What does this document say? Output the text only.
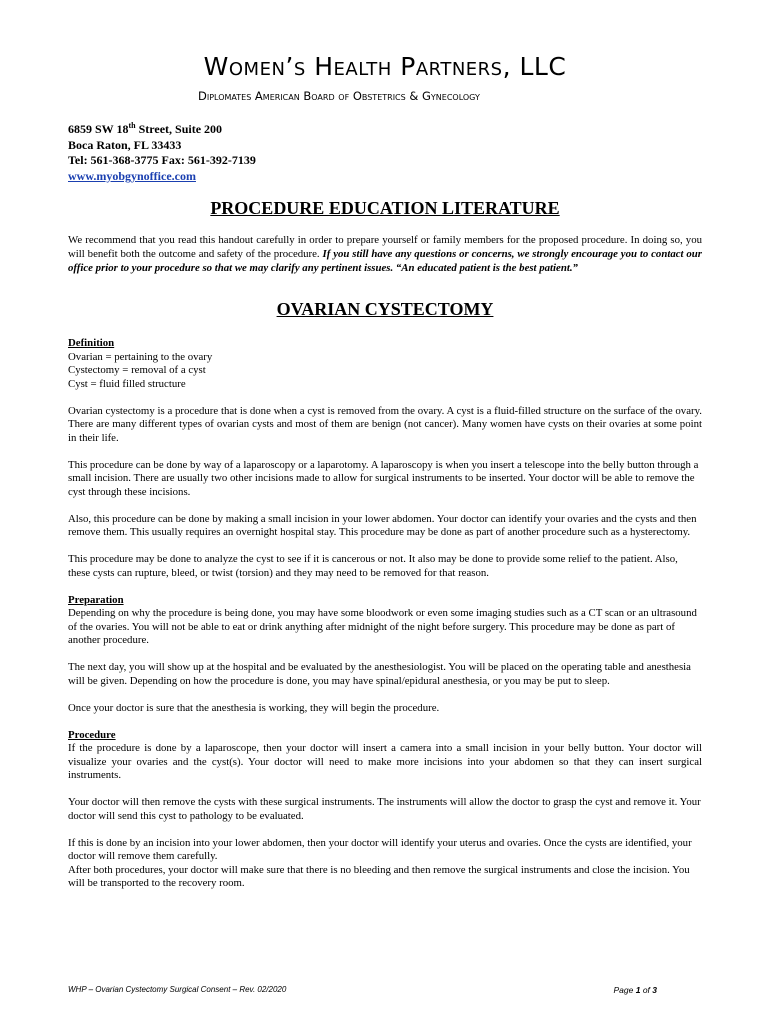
Women’s Health Partners, LLC
Diplomates American Board of Obstetrics & Gynecology
6859 SW 18th Street, Suite 200
Boca Raton, FL 33433
Tel: 561-368-3775 Fax: 561-392-7139
www.myobgynoffice.com
PROCEDURE EDUCATION LITERATURE
We recommend that you read this handout carefully in order to prepare yourself or family members for the proposed procedure. In doing so, you will benefit both the outcome and safety of the procedure. If you still have any questions or concerns, we strongly encourage you to contact our office prior to your procedure so that we may clarify any pertinent issues. “An educated patient is the best patient.”
OVARIAN CYSTECTOMY
Definition
Ovarian = pertaining to the ovary
Cystectomy = removal of a cyst
Cyst = fluid filled structure

Ovarian cystectomy is a procedure that is done when a cyst is removed from the ovary. A cyst is a fluid-filled structure on the surface of the ovary. There are many different types of ovarian cysts and most of them are benign (not cancer). Many women have cysts on their ovaries at some point in their life.

This procedure can be done by way of a laparoscopy or a laparotomy. A laparoscopy is when you insert a telescope into the belly button through a small incision. There are usually two other incisions made to allow for surgical instruments to be inserted. Your doctor will be able to remove the cyst through these incisions.

Also, this procedure can be done by making a small incision in your lower abdomen. Your doctor can identify your ovaries and the cysts and then remove them. This usually requires an overnight hospital stay. This procedure may be done as part of another procedure such as a hysterectomy.

This procedure may be done to analyze the cyst to see if it is cancerous or not. It also may be done to provide some relief to the patient. Also, these cysts can rupture, bleed, or twist (torsion) and they may need to be removed for that reason.

Preparation

Depending on why the procedure is being done, you may have some bloodwork or even some imaging studies such as a CT scan or an ultrasound of the ovaries. You will not be able to eat or drink anything after midnight of the night before surgery. This procedure may be done as part of another procedure.

The next day, you will show up at the hospital and be evaluated by the anesthesiologist. You will be placed on the operating table and anesthesia will be given. Depending on how the procedure is done, you may have spinal/epidural anesthesia, or you may be put to sleep.

Once your doctor is sure that the anesthesia is working, they will begin the procedure.

Procedure

If the procedure is done by a laparoscope, then your doctor will insert a camera into a small incision in your belly button. Your doctor will visualize your ovaries and the cyst(s). Your doctor will need to make more incisions into your abdomen so that they can insert surgical instruments.

Your doctor will then remove the cysts with these surgical instruments. The instruments will allow the doctor to grasp the cyst and remove it. Your doctor will send this cyst to pathology to be evaluated.

If this is done by an incision into your lower abdomen, then your doctor will identify your uterus and ovaries. Once the cysts are identified, your doctor will remove them carefully.

After both procedures, your doctor will make sure that there is no bleeding and then remove the surgical instruments and close the incision. You will be transported to the recovery room.

WHP – Ovarian Cystectomy Surgical Consent – Rev. 02/2020	Page 1 of 3
